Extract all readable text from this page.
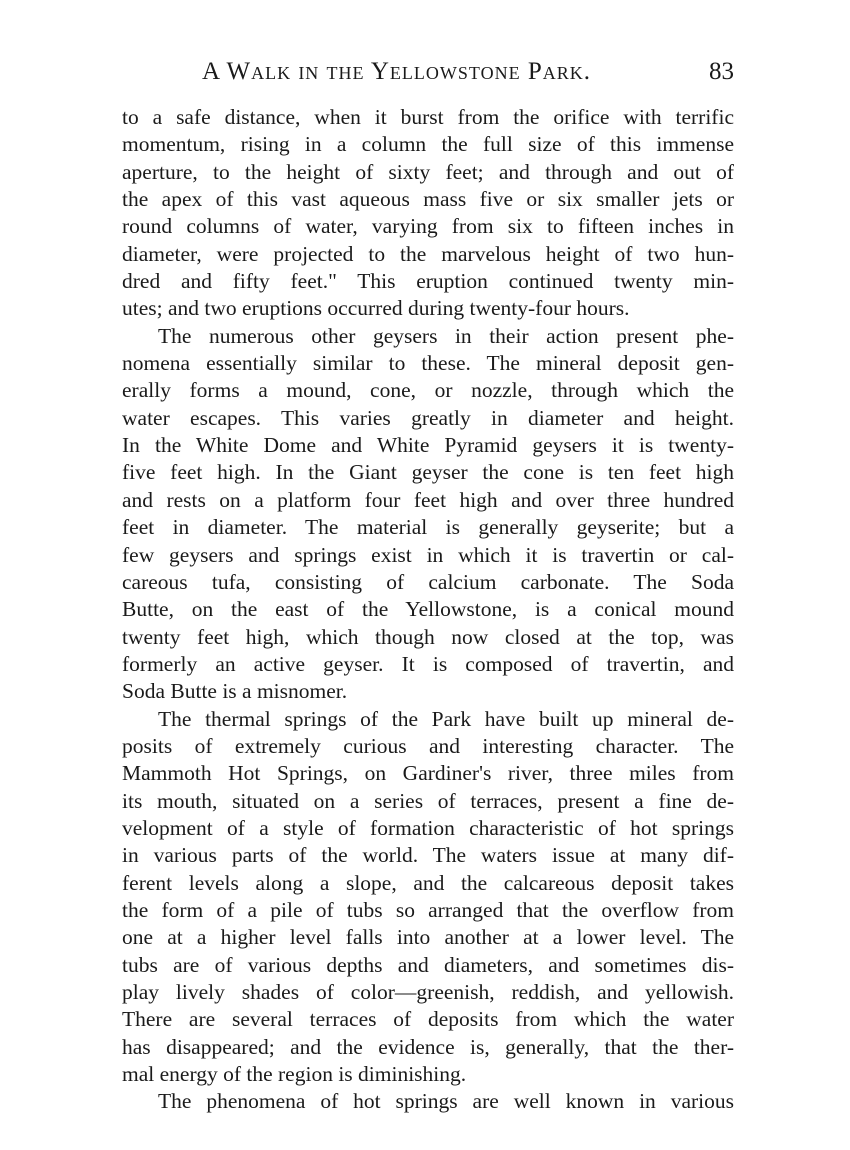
A Walk in the Yellowstone Park.	83
to a safe distance, when it burst from the orifice with terrific
momentum, rising in a column the full size of this immense
aperture, to the height of sixty feet; and through and out of
the apex of this vast aqueous mass five or six smaller jets or
round columns of water, varying from six to fifteen inches in
diameter, were projected to the marvelous height of two hun-
dred and fifty feet." This eruption continued twenty min-
utes; and two eruptions occurred during twenty-four hours.
The numerous other geysers in their action present phe-
nomena essentially similar to these. The mineral deposit gen-
erally forms a mound, cone, or nozzle, through which the
water escapes. This varies greatly in diameter and height.
In the White Dome and White Pyramid geysers it is twenty-
five feet high. In the Giant geyser the cone is ten feet high
and rests on a platform four feet high and over three hundred
feet in diameter. The material is generally geyserite; but a
few geysers and springs exist in which it is travertin or cal-
careous tufa, consisting of calcium carbonate. The Soda
Butte, on the east of the Yellowstone, is a conical mound
twenty feet high, which though now closed at the top, was
formerly an active geyser. It is composed of travertin, and
Soda Butte is a misnomer.
The thermal springs of the Park have built up mineral de-
posits of extremely curious and interesting character. The
Mammoth Hot Springs, on Gardiner's river, three miles from
its mouth, situated on a series of terraces, present a fine de-
velopment of a style of formation characteristic of hot springs
in various parts of the world. The waters issue at many dif-
ferent levels along a slope, and the calcareous deposit takes
the form of a pile of tubs so arranged that the overflow from
one at a higher level falls into another at a lower level. The
tubs are of various depths and diameters, and sometimes dis-
play lively shades of color—greenish, reddish, and yellowish.
There are several terraces of deposits from which the water
has disappeared; and the evidence is, generally, that the ther-
mal energy of the region is diminishing.
The phenomena of hot springs are well known in various
